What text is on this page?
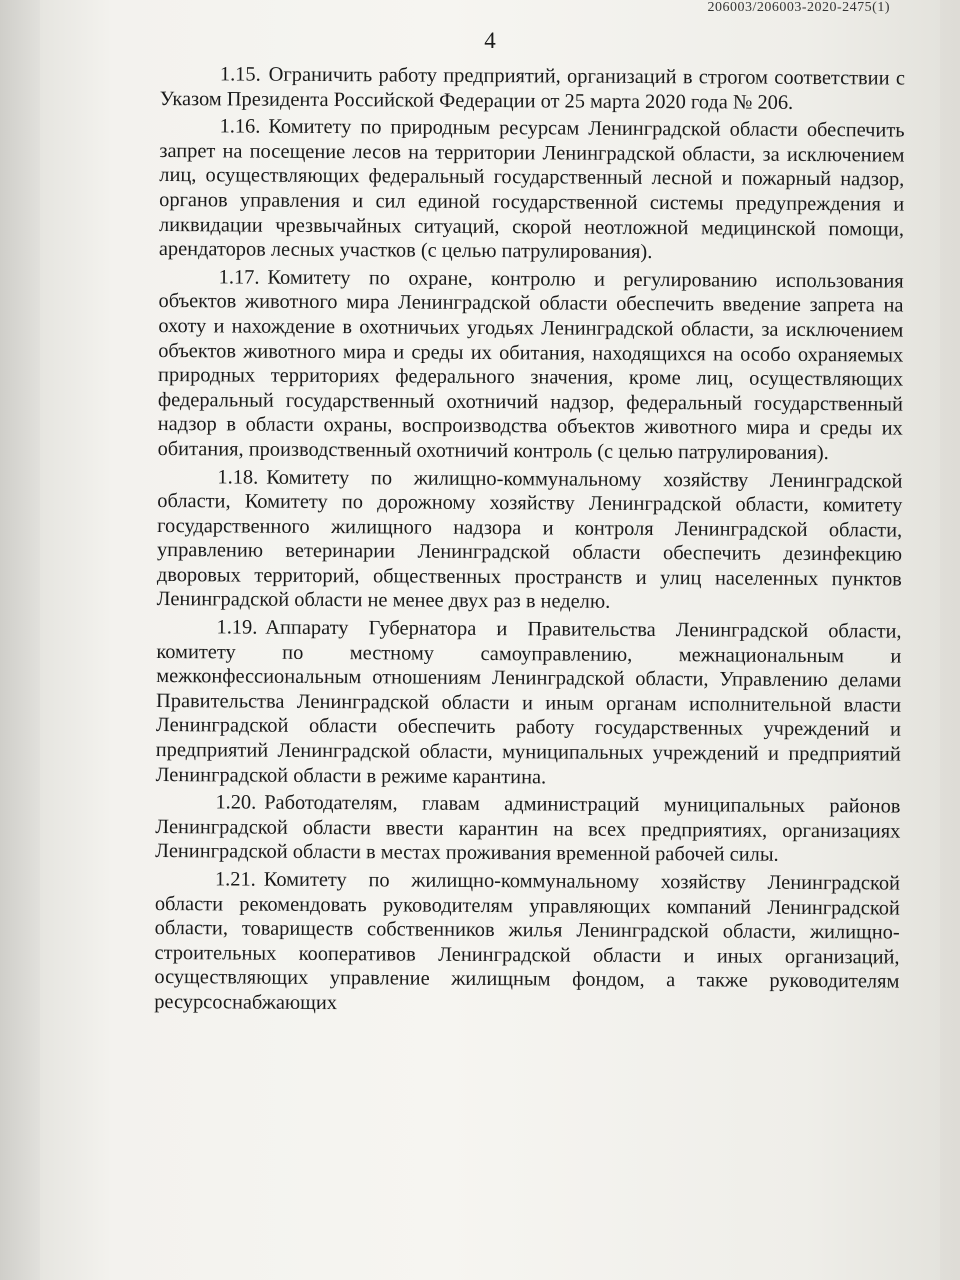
206003/206003-2020-2475(1)
4

1.15. Ограничить работу предприятий, организаций в строгом соответствии с Указом Президента Российской Федерации от 25 марта 2020 года № 206.

1.16. Комитету по природным ресурсам Ленинградской области обеспечить запрет на посещение лесов на территории Ленинградской области, за исключением лиц, осуществляющих федеральный государственный лесной и пожарный надзор, органов управления и сил единой государственной системы предупреждения и ликвидации чрезвычайных ситуаций, скорой неотложной медицинской помощи, арендаторов лесных участков (с целью патрулирования).

1.17. Комитету по охране, контролю и регулированию использования объектов животного мира Ленинградской области обеспечить введение запрета на охоту и нахождение в охотничьих угодьях Ленинградской области, за исключением объектов животного мира и среды их обитания, находящихся на особо охраняемых природных территориях федерального значения, кроме лиц, осуществляющих федеральный государственный охотничий надзор, федеральный государственный надзор в области охраны, воспроизводства объектов животного мира и среды их обитания, производственный охотничий контроль (с целью патрулирования).

1.18. Комитету по жилищно-коммунальному хозяйству Ленинградской области, Комитету по дорожному хозяйству Ленинградской области, комитету государственного жилищного надзора и контроля Ленинградской области, управлению ветеринарии Ленинградской области обеспечить дезинфекцию дворовых территорий, общественных пространств и улиц населенных пунктов Ленинградской области не менее двух раз в неделю.

1.19. Аппарату Губернатора и Правительства Ленинградской области, комитету по местному самоуправлению, межнациональным и межконфессиональным отношениям Ленинградской области, Управлению делами Правительства Ленинградской области и иным органам исполнительной власти Ленинградской области обеспечить работу государственных учреждений и предприятий Ленинградской области, муниципальных учреждений и предприятий Ленинградской области в режиме карантина.

1.20. Работодателям, главам администраций муниципальных районов Ленинградской области ввести карантин на всех предприятиях, организациях Ленинградской области в местах проживания временной рабочей силы.

1.21. Комитету по жилищно-коммунальному хозяйству Ленинградской области рекомендовать руководителям управляющих компаний Ленинградской области, товариществ собственников жилья Ленинградской области, жилищно-строительных кооперативов Ленинградской области и иных организаций, осуществляющих управление жилищным фондом, а также руководителям ресурсоснабжающих
